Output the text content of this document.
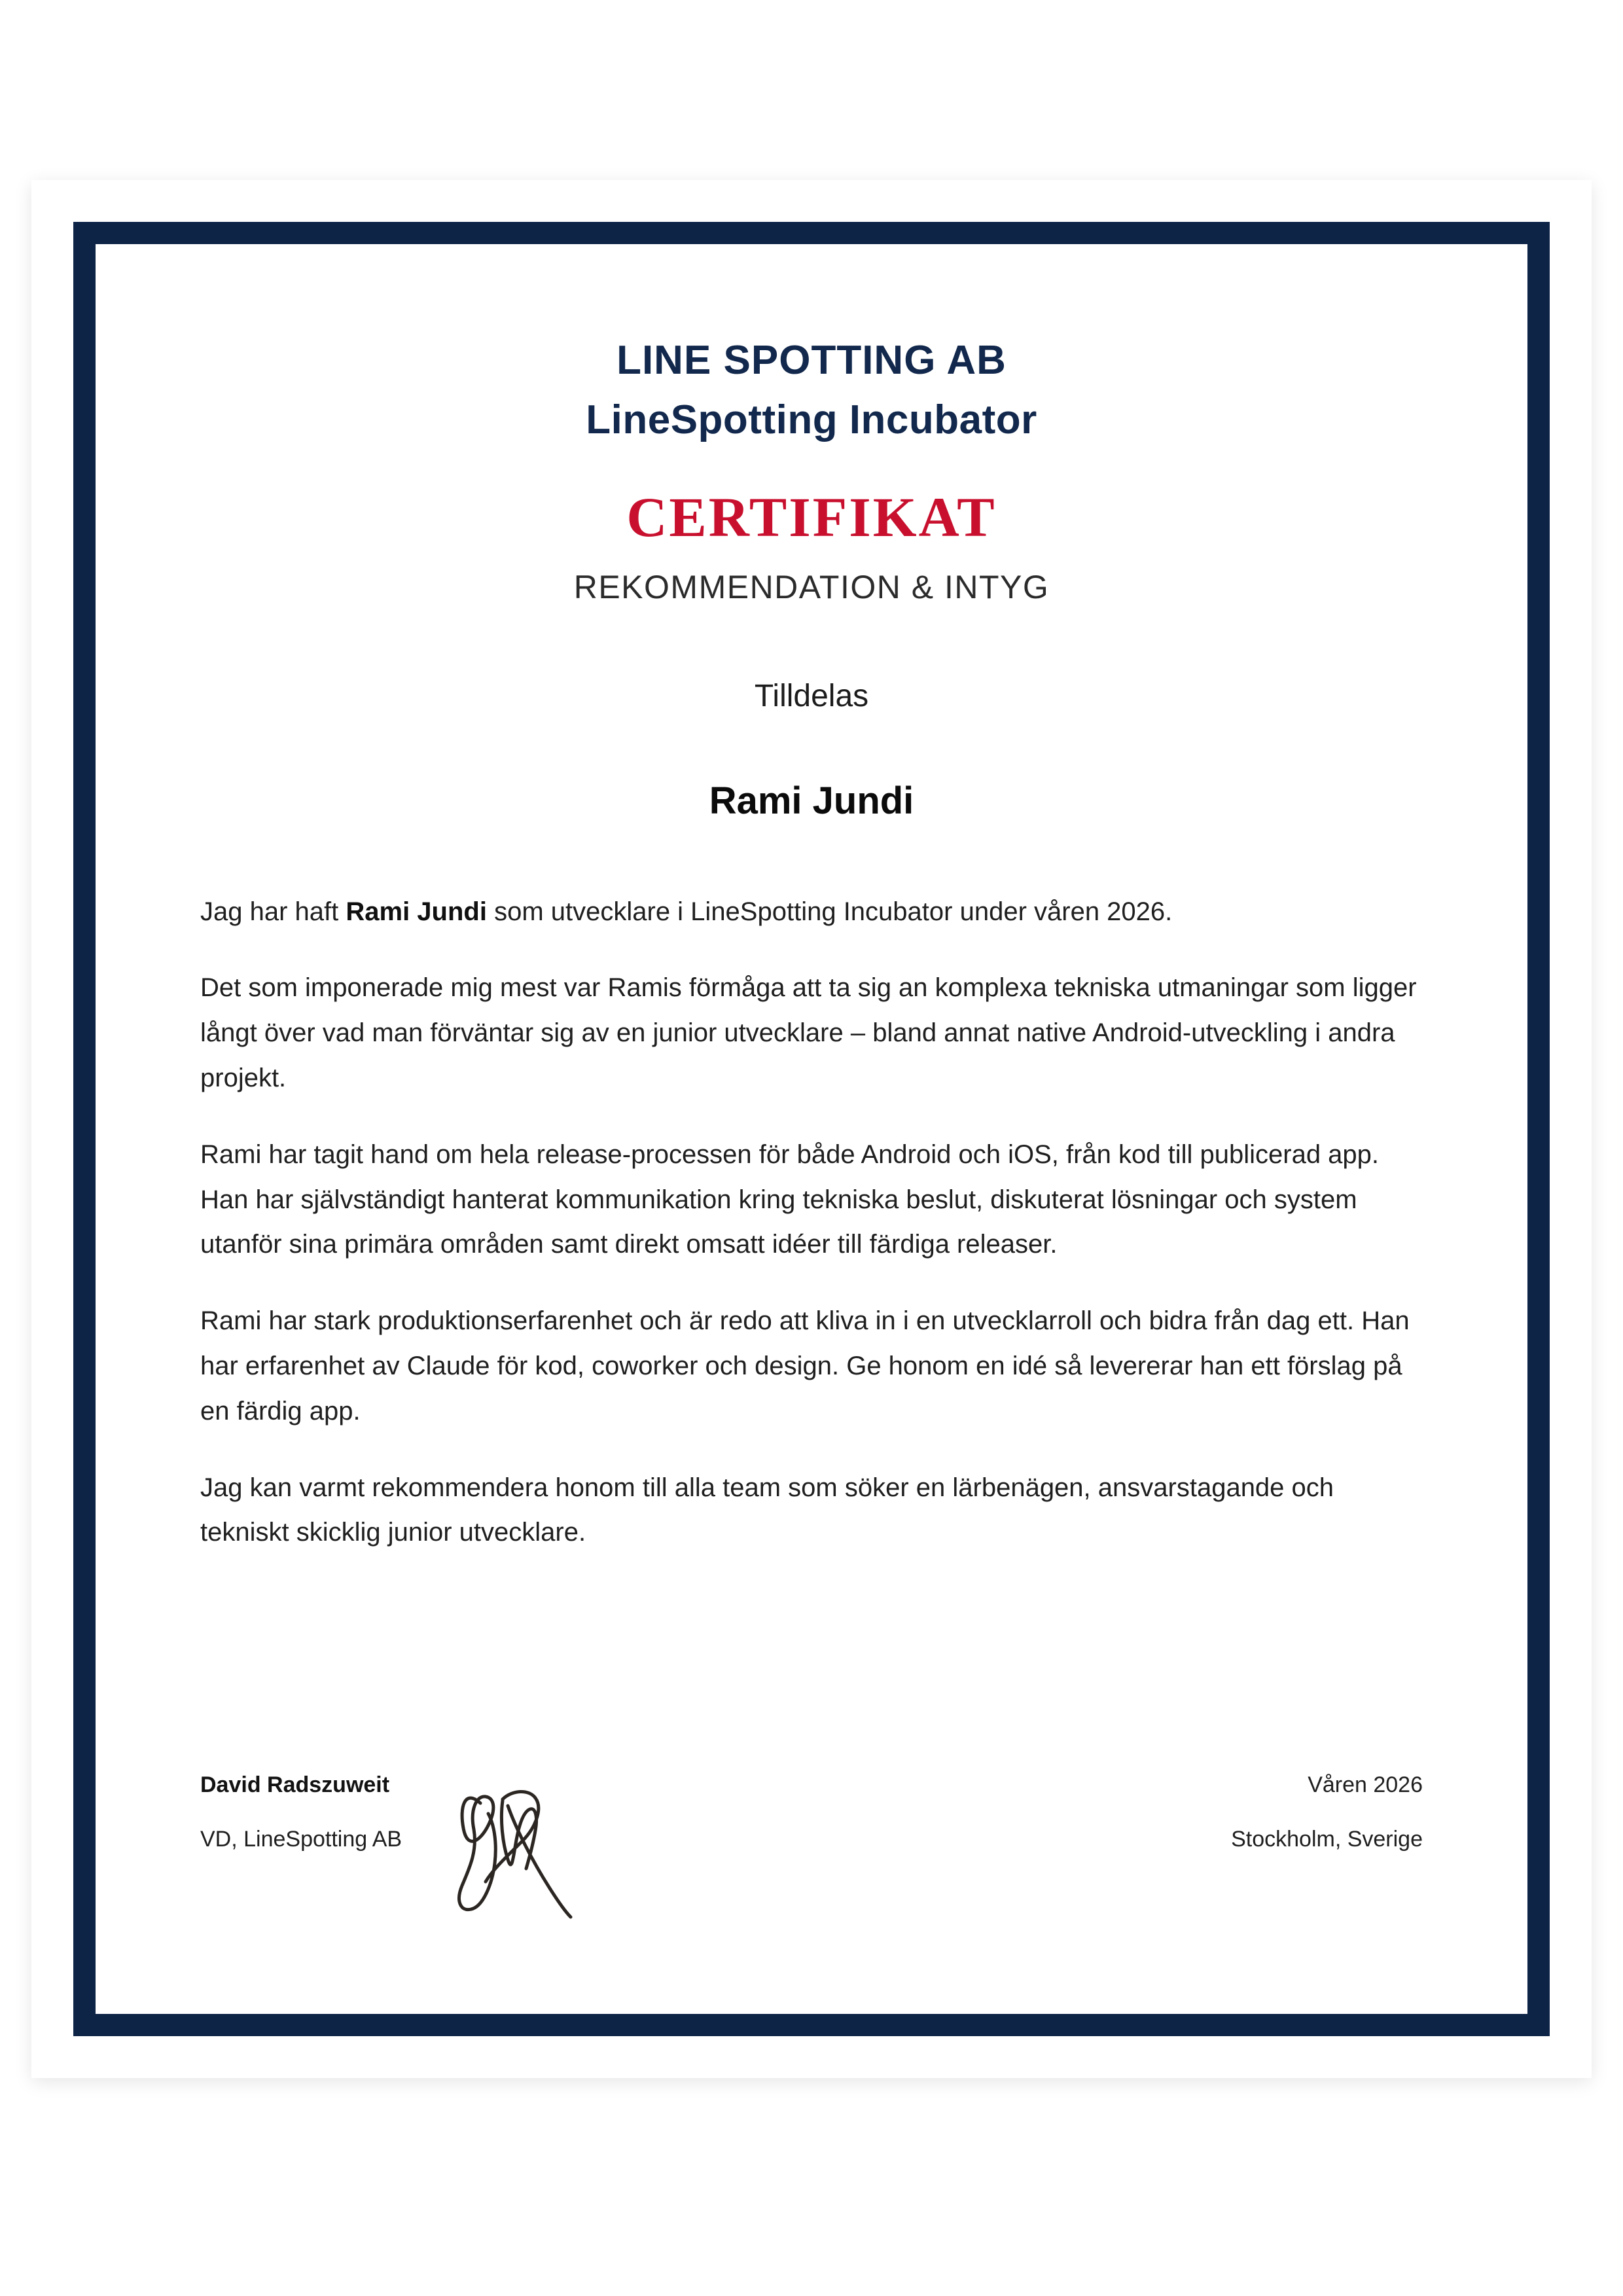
LINE SPOTTING AB
LineSpotting Incubator
CERTIFIKAT
REKOMMENDATION & INTYG
Tilldelas
Rami Jundi

Jag har haft Rami Jundi som utvecklare i LineSpotting Incubator under våren 2026.

Det som imponerade mig mest var Ramis förmåga att ta sig an komplexa tekniska utmaningar som ligger långt över vad man förväntar sig av en junior utvecklare – bland annat native Android-utveckling i andra projekt.

Rami har tagit hand om hela release-processen för både Android och iOS, från kod till publicerad app. Han har självständigt hanterat kommunikation kring tekniska beslut, diskuterat lösningar och system utanför sina primära områden samt direkt omsatt idéer till färdiga releaser.

Rami har stark produktionserfarenhet och är redo att kliva in i en utvecklarroll och bidra från dag ett. Han har erfarenhet av Claude för kod, coworker och design. Ge honom en idé så levererar han ett förslag på en färdig app.

Jag kan varmt rekommendera honom till alla team som söker en lärbenägen, ansvarstagande och tekniskt skicklig junior utvecklare.

David Radszuweit
VD, LineSpotting AB
Våren 2026
Stockholm, Sverige
